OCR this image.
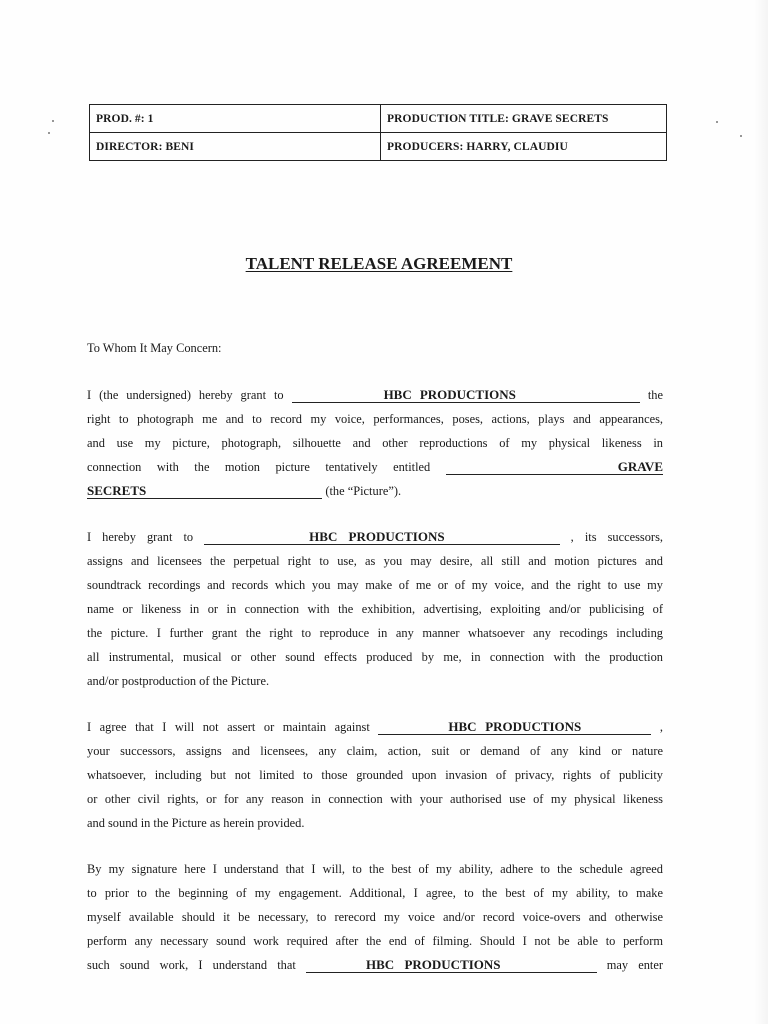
PROD. #: 1	PRODUCTION TITLE: GRAVE SECRETS
DIRECTOR: BENI	PRODUCERS: HARRY, CLAUDIU
TALENT RELEASE AGREEMENT

To Whom It May Concern:

I (the undersigned) hereby grant to	HBC PRODUCTIONS	the
right to photograph me and to record my voice, performances, poses, actions, plays and appearances,
and use my picture, photograph, silhouette and other reproductions of my physical likeness in
connection with the motion picture tentatively entitled	GRAVE
SECRETS	(the “Picture”).
I hereby grant to	HBC PRODUCTIONS	, its successors,
assigns and licensees the perpetual right to use, as you may desire, all still and motion pictures and
soundtrack recordings and records which you may make of me or of my voice, and the right to use my
name or likeness in or in connection with the exhibition, advertising, exploiting and/or publicising of
the picture. I further grant the right to reproduce in any manner whatsoever any recodings including
all instrumental, musical or other sound effects produced by me, in connection with the production
and/or postproduction of the Picture.
I agree that I will not assert or maintain against	HBC PRODUCTIONS	,
your successors, assigns and licensees, any claim, action, suit or demand of any kind or nature
whatsoever, including but not limited to those grounded upon invasion of privacy, rights of publicity
or other civil rights, or for any reason in connection with your authorised use of my physical likeness
and sound in the Picture as herein provided.
By my signature here I understand that I will, to the best of my ability, adhere to the schedule agreed
to prior to the beginning of my engagement. Additional, I agree, to the best of my ability, to make
myself available should it be necessary, to rerecord my voice and/or record voice-overs and otherwise
perform any necessary sound work required after the end of filming. Should I not be able to perform
such sound work, I understand that	HBC PRODUCTIONS	may enter
